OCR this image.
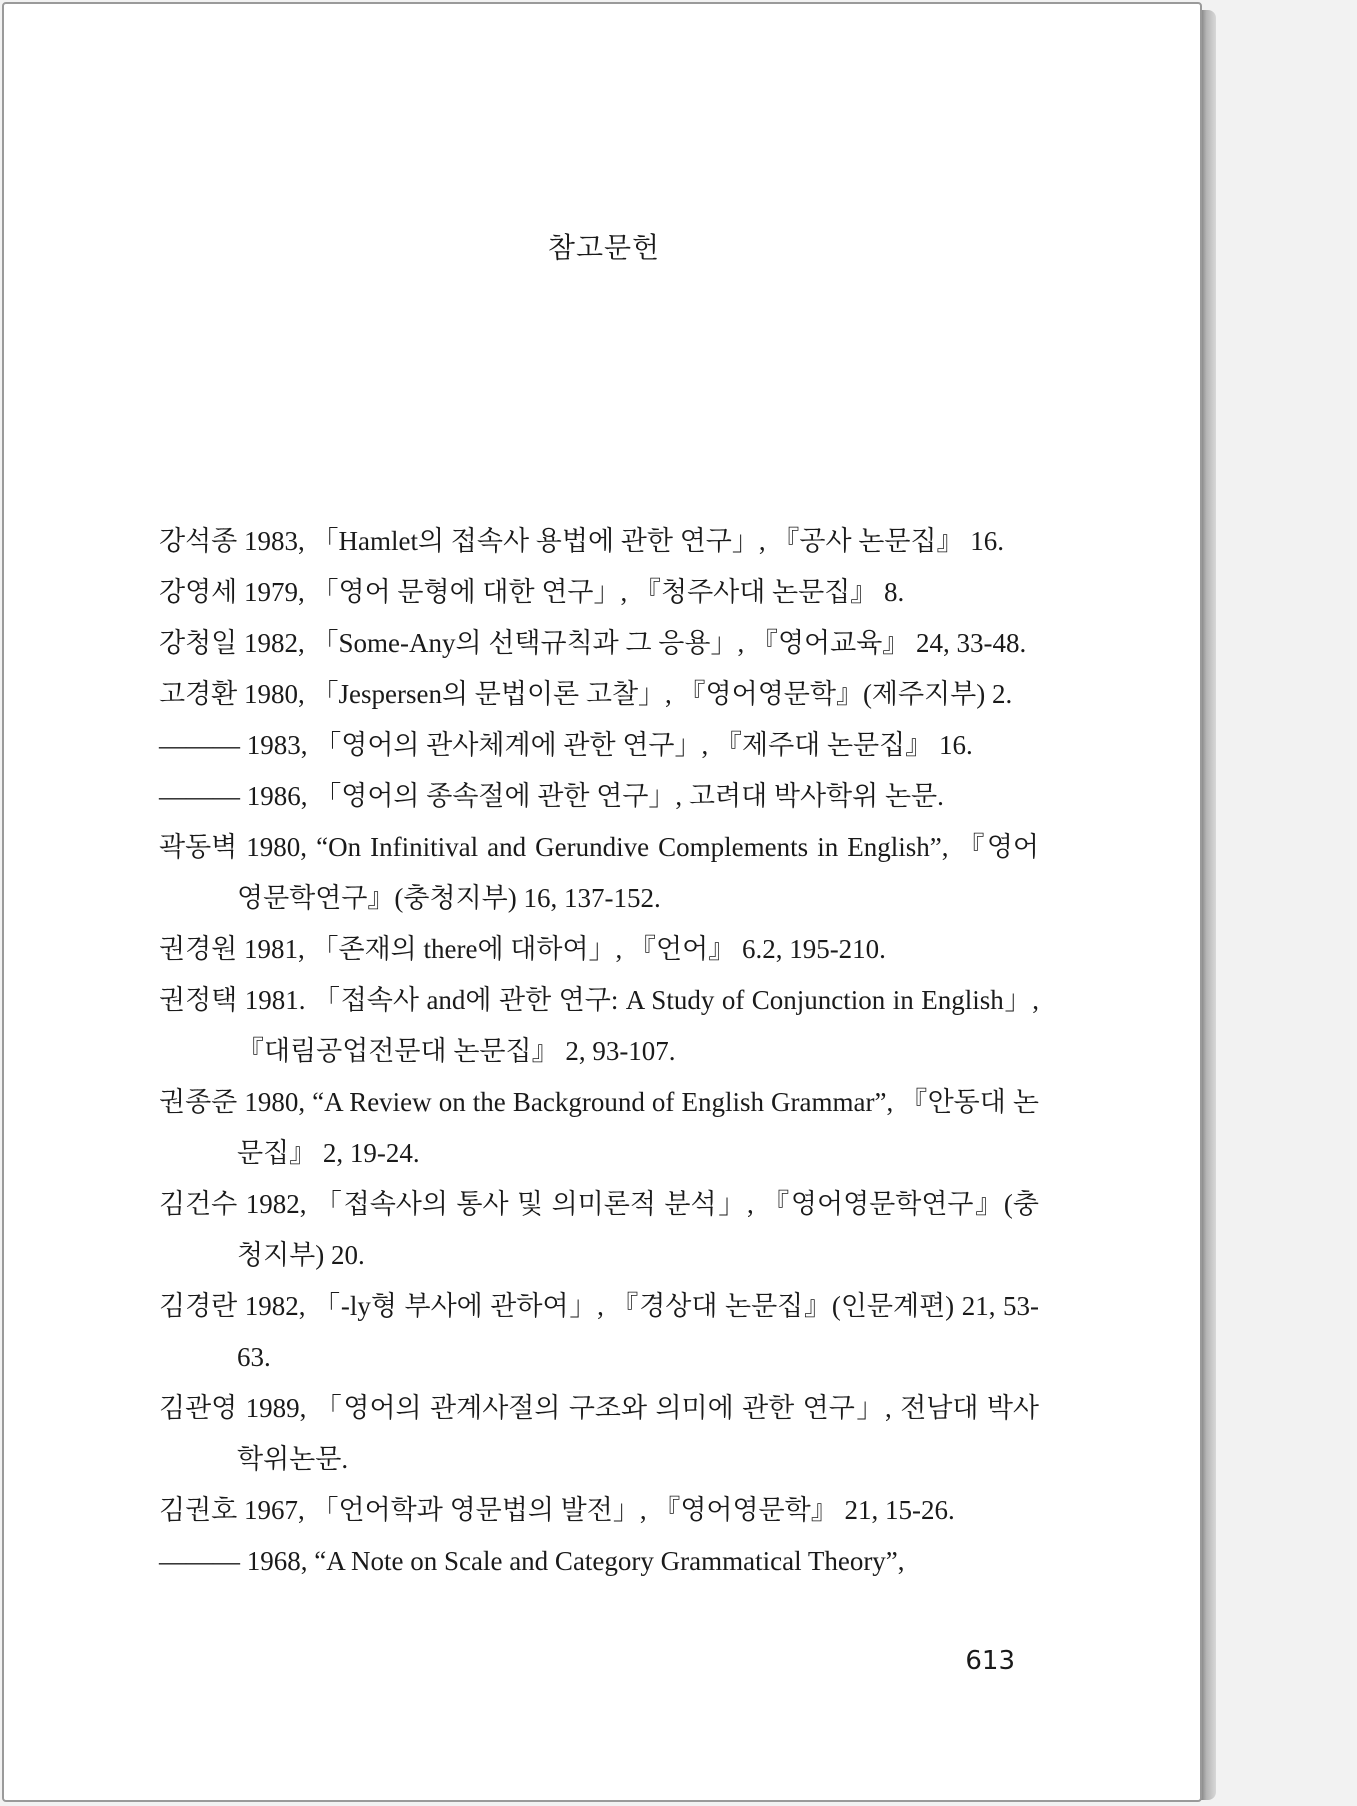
참고문헌
강석종 1983, 「Hamlet의 접속사 용법에 관한 연구」, 『공사 논문집』 16.
강영세 1979, 「영어 문형에 대한 연구」, 『청주사대 논문집』 8.
강청일 1982, 「Some-Any의 선택규칙과 그 응용」, 『영어교육』 24, 33-48.
고경환 1980, 「Jespersen의 문법이론 고찰」, 『영어영문학』(제주지부) 2.
——— 1983, 「영어의 관사체계에 관한 연구」, 『제주대 논문집』 16.
——— 1986, 「영어의 종속절에 관한 연구」, 고려대 박사학위 논문.
곽동벽 1980, “On Infinitival and Gerundive Complements in English”, 『영어영문학연구』(충청지부) 16, 137-152.
권경원 1981, 「존재의 there에 대하여」, 『언어』 6.2, 195-210.
권정택 1981. 「접속사 and에 관한 연구: A Study of Conjunction in English」, 『대림공업전문대 논문집』 2, 93-107.
권종준 1980, “A Review on the Background of English Grammar”, 『안동대 논문집』 2, 19-24.
김건수 1982, 「접속사의 통사 및 의미론적 분석」, 『영어영문학연구』(충청지부) 20.
김경란 1982, 「-ly형 부사에 관하여」, 『경상대 논문집』(인문계편) 21, 53-63.
김관영 1989, 「영어의 관계사절의 구조와 의미에 관한 연구」, 전남대 박사학위논문.
김권호 1967, 「언어학과 영문법의 발전」, 『영어영문학』 21, 15-26.
——— 1968, “A Note on Scale and Category Grammatical Theory”,
613
